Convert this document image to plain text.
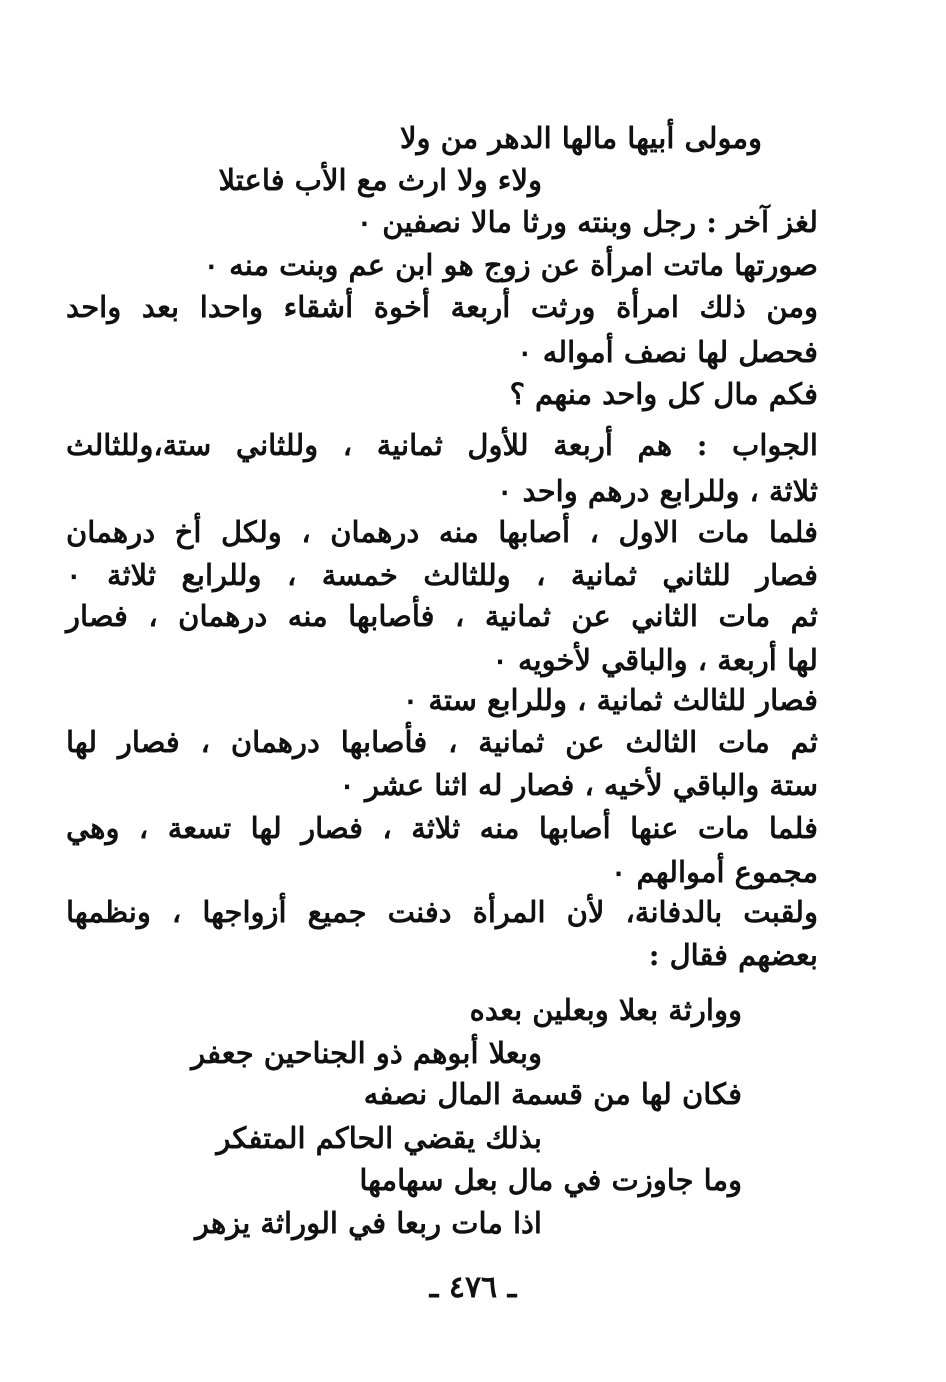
ومولى أبيها مالها الدهر من ولا
ولاء ولا ارث مع الأب فاعتلا
لغز آخر : رجل وبنته ورثا مالا نصفين ٠
صورتها ماتت امرأة عن زوج هو ابن عم وبنت منه ٠
ومن ذلك امرأة ورثت أربعة أخوة أشقاء واحدا بعد واحد
فحصل لها نصف أمواله ٠
فكم مال كل واحد منهم ؟
الجواب : هم أربعة للأول ثمانية ، وللثاني ستة،وللثالث
ثلاثة ، وللرابع درهم واحد ٠
فلما مات الاول ، أصابها منه درهمان ، ولكل أخ درهمان
فصار للثاني ثمانية ، وللثالث خمسة ، وللرابع ثلاثة ٠
ثم مات الثاني عن ثمانية ، فأصابها منه درهمان ، فصار
لها أربعة ، والباقي لأخويه ٠
فصار للثالث ثمانية ، وللرابع ستة ٠
ثم مات الثالث عن ثمانية ، فأصابها درهمان ، فصار لها
ستة والباقي لأخيه ، فصار له اثنا عشر ٠
فلما مات عنها أصابها منه ثلاثة ، فصار لها تسعة ، وهي
مجموع أموالهم ٠
ولقبت بالدفانة، لأن المرأة دفنت جميع أزواجها ، ونظمها
بعضهم فقال :
ووارثة بعلا وبعلين بعده
وبعلا أبوهم ذو الجناحين جعفر
فكان لها من قسمة المال نصفه
بذلك يقضي الحاكم المتفكر
وما جاوزت في مال بعل سهامها
اذا مات ربعا في الوراثة يزهر
ـ ٤٧٦ ـ
